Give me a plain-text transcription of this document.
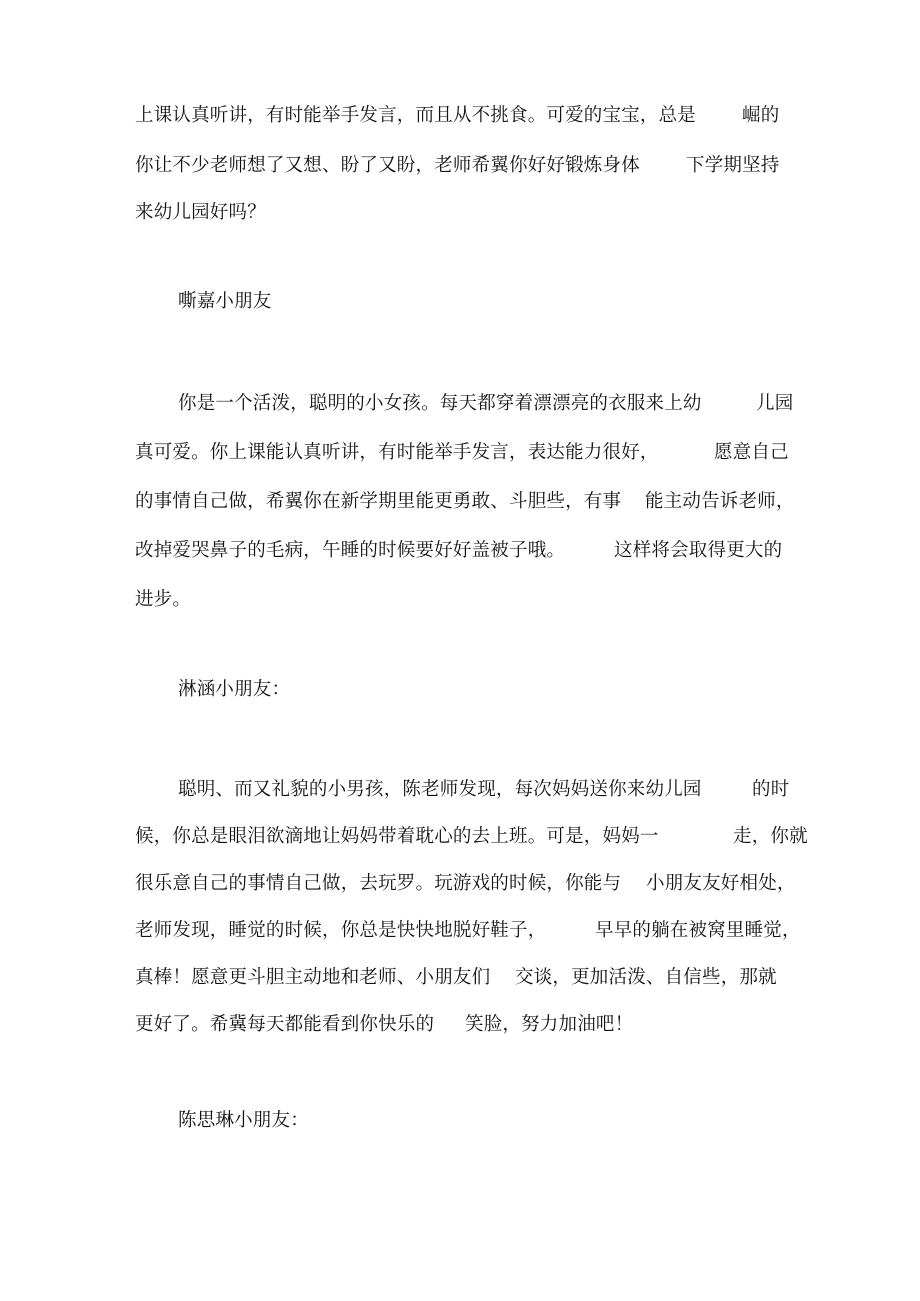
上课认真听讲，有时能举手发言，而且从不挑食。可爱的宝宝，总是

崛的

你让不少老师想了又想、盼了又盼，老师希翼你好好锻炼身体

下学期坚持

来幼儿园好吗？

嘶嘉小朋友

你是一个活泼，聪明的小女孩。每天都穿着漂漂亮的衣服来上幼

	儿园

真可爱。你上课能认真听讲，有时能举手发言，表达能力很好，

	愿意自己

的事情自己做，希翼你在新学期里能更勇敢、斗胆些，有事

能主动告诉老师，

改掉爱哭鼻子的毛病，午睡的时候要好好盖被子哦。

	这样将会取得更大的

进步。

淋涵小朋友：

聪明、而又礼貌的小男孩，陈老师发现，每次妈妈送你来幼儿园

	的时

候，你总是眼泪欲滴地让妈妈带着耽心的去上班。可是，妈妈一

	走，你就

很乐意自己的事情自己做，去玩罗。玩游戏的时候，你能与

小朋友友好相处，

老师发现，睡觉的时候，你总是快快地脱好鞋子，

	早早的躺在被窝里睡觉，

真棒！愿意更斗胆主动地和老师、小朋友们

交谈，更加活泼、自信些，那就

更好了。希冀每天都能看到你快乐的

笑脸，努力加油吧！

陈思琳小朋友：
